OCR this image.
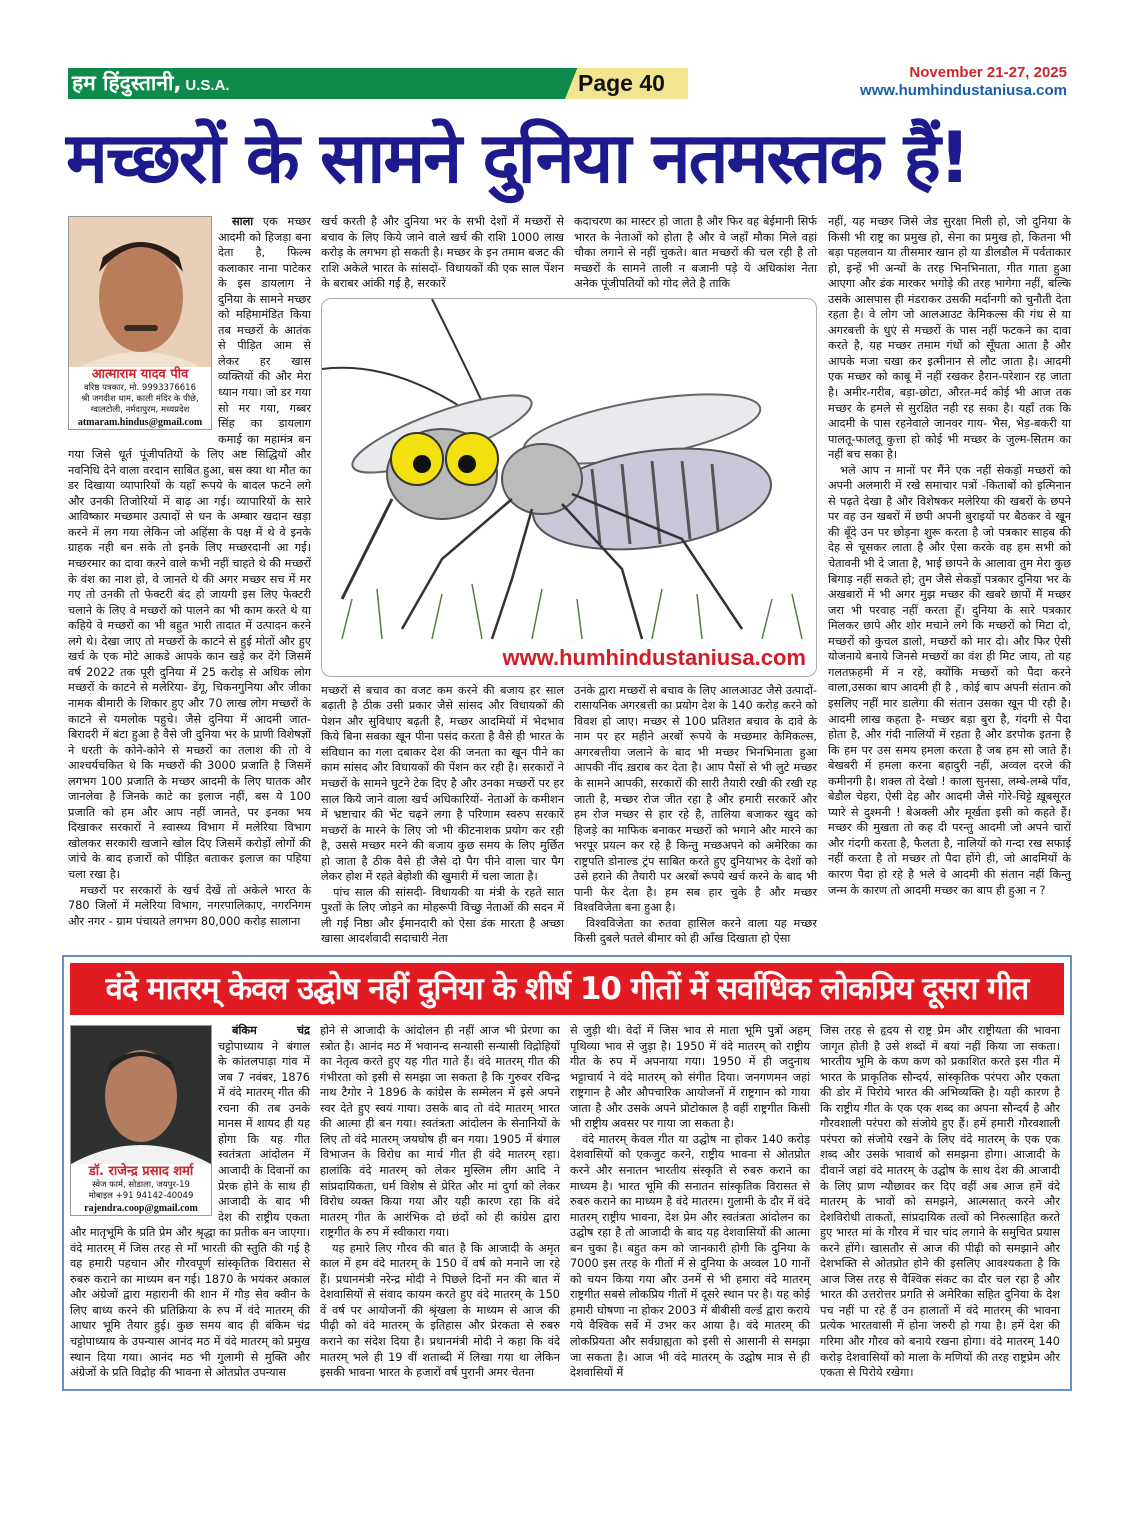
हम हिंदुस्तानी, U.S.A.	Page 40	November 21-27, 2025
www.humhindustaniusa.com
मच्छरों के सामने दुनिया नतमस्तक हैं!
आत्माराम यादव पीव
वरिष्ठ पत्रकार, मो. 9993376616
श्री जगदीश धाम, काली मंदिर के पीछे, ग्वालटोली, नर्मदापुरम, मध्यप्रदेश
atmaram.hindus@gmail.com

साला एक मच्छर आदमी को हिजड़ा बना देता है, फिल्म कलाकार नाना पाटेकर के इस डायलाग ने दुनिया के सामने मच्छर को महिमामंडित किया तब मच्छरों के आतंक से पीड़ित आम से लेकर हर खास व्यक्तियों की और मेरा ध्यान गया। जो डर गया सो मर गया, गब्बर सिंह का डायलाग कमाई का महामंत्र बन गया जिसे धूर्त पूंजीपतियों के लिए अष्ट सिद्धियों और नवनिधि देने वाला वरदान साबित हुआ, बस क्या था मौत का डर दिखाया व्यापारियों के यहाँ रूपये के बादल फटने लगे और उनकी तिजोरियों में बाढ़ आ गई। व्यापारियों के सारे आविष्कार मच्छमार उत्पादों से धन के अम्बार खदान खड़ा करने में लग गया लेकिन जो अहिंसा के पक्ष में थे वे इनके ग्राहक नही बन सके तो इनके लिए मच्छरदानी आ गई। मच्छरमार का दावा करने वाले कभी नहीं चाहते थे की मच्छरों के वंश का नाश हो, वे जानते थे की अगर मच्छर सच में मर गए तो उनकी तो फेक्टरी बंद हो जायगी इस लिए फेक्टरी चलाने के लिए वे मच्छरों को पालने का भी काम करते थे या कहिये वे मच्छरों का भी बहुत भारी तादात में उत्पादन करने लगे थे। देखा जाए तो मच्छरों के काटने से हुई मोतों और हुए खर्च के एक मोटे आकडे आपके कान खड़े कर देंगे जिसमें वर्ष 2022 तक पूरी दुनिया में 25 करोड़ से अधिक लोग मच्छरों के काटने से मलेरिया- डेंगू, चिकनगुनिया और जीका नामक बीमारी के शिकार हुए और 70 लाख लोग मच्छरों के काटने से यमलोक पहुचे। जैसे दुनिया में आदमी जात-बिरादरी में बंटा हुआ है वैसे जी दुनिया भर के प्राणी विशेषज्ञों ने धरती के कोने-कोने से मच्छरों का तलाश की तो वे आश्चर्यचकित थे कि मच्छरों की 3000 प्रजाति है जिसमें लगभग 100 प्रजाति के मच्छर आदमी के लिए घातक और जानलेवा है जिनके काटे का इलाज नहीं, बस ये 100 प्रजाति को हम और आप नहीं जानते, पर इनका भय दिखाकर सरकारों ने स्वास्थ्य विभाग में मलेरिया विभाग खोलकर सरकारी खजाने खोल दिए जिसमें करोड़ों लोगों की जांचे के बाद हजारों को पीड़ित बताकर इलाज का पहिया चला रखा है।

मच्छरों पर सरकारों के खर्च देखें तो अकेले भारत के 780 जिलों में मलेरिया विभाग, नगरपालिकाए, नगरनिगम और नगर - ग्राम पंचायते लगभग 80,000 करोड़ सालाना

खर्च करती है और दुनिया भर के सभी देशों में मच्छरों से बचाव के लिए किये जाने वाले खर्च की राशि 1000 लाख करोड़ के लगभग हो सकती है। मच्छर के इन तमाम बजट की राशि अकेले भारत के सांसदों- विधायकों की एक साल पेंशन के बराबर आंकी गई है, सरकारें

कदाचरण का मास्टर हो जाता है और फिर वह बेईमानी सिर्फ भारत के नेताओं को होता है और वे जहाँ मौका मिले वहां चौका लगाने से नहीं चुकते। बात मच्छरों की चल रही है तो मच्छरों के सामने ताली न बजानी पड़े ये अधिकांश नेता अनेक पूंजीपतियों को गोद लेते है ताकि

www.humhindustaniusa.com

मच्छरों से बचाव का वजट कम करने की बजाय हर साल बढ़ाती है ठीक उसी प्रकार जैसे सांसद और विधायकों की पेशन और सुविधाए बढ़ती है, मच्छर आदमियों में भेदभाव किये बिना सबका खून पीना पसंद करता है वैसे ही भारत के संविधान का गला दबाकर देश की जनता का खून पीने का काम सांसद और विधायकों की पेंशन कर रही है। सरकारों ने मच्छरों के सामने घुटने टेक दिए है और उनका मच्छरों पर हर साल किये जाने वाला खर्च अधिकारियों- नेताओं के कमीशन में भ्रष्टाचार की भेंट चढ़ने लगा है परिणाम स्वरुप सरकारें मच्छरों के मारने के लिए जो भी कीटनाशक प्रयोग कर रही है, उससे मच्छर मरने की बजाय कुछ समय के लिए मुर्छित हो जाता है ठीक वैसे ही जैसे दो पैग पीने वाला चार पैग लेकर होश में रहते बेहोशी की खुमारी में चला जाता है।

पांच साल की सांसदी- विधायकी या मंत्री के रहते सात पुश्तों के लिए जोड़ने का मोहरूपी विच्छु नेताओं की सदन में ली गई निष्ठा और ईमानदारी को ऐसा डंक मारता है अच्छा खासा आदर्शवादी सदाचारी नेता

उनके द्वारा मच्छरों से बचाव के लिए आलआउट जैसे उत्पादों- रासायनिक अगरबत्ती का प्रयोग देश के 140 करोड़ करने को विवश हो जाए। मच्छर से 100 प्रतिशत बचाव के दावे के नाम पर हर महीने अरबों रूपये के मच्छमार केमिकल्स, अगरबत्तीया जलाने के बाद भी मच्छर भिनभिनाता हुआ आपकी नींद ख़राब कर देता है। आप पैसों से भी लुटे मच्छर के सामने आपकी, सरकारों की सारी तैयारी रखी की रखी रह जाती है, मच्छर रोज जीत रहा है और हमारी सरकारें और हम रोज मच्छर से हार रहे है, तालिया बजाकर खुद को हिजड़े का माफिक बनाकर मच्छरों को भगाने और मारने का भरपूर प्रयत्न कर रहे है किन्तु मच्छअपने को अमेरिका का राष्ट्रपति डोनाल्ड ट्रंप साबित करते हुए दुनियाभर के देशों को उसे हराने की तैयारी पर अरबों रूपये खर्च करने के बाद भी पानी फेर देता है। हम सब हार चुके है और मच्छर विश्वविजेता बना हुआ है।

विश्वविजेता का रुतवा हासिल करने वाला यह मच्छर किसी दुबले पतले बीमार को ही आँख दिखाता हो ऐसा

नहीं, यह मच्छर जिसे जेड सुरक्षा मिली हो, जो दुनिया के किसी भी राष्ट्र का प्रमुख हो, सेना का प्रमुख हो, कितना भी बड़ा पहलवान या तीसमार खान हो या डीलडौल में पर्वताकार हो, इन्हें भी अन्यों के तरह भिनभिनाता, गीत गाता हुआ आएगा और डंक मारकर भगोड़े की तरह भागेगा नहीं, बल्कि उसके आसपास ही मंडराकर उसकी मर्दानगी को चुनौती देता रहता है। वे लोग जो आलआउट केमिकल्स की गंध से या अगरबत्ती के धुएं से मच्छरों के पास नहीं फटकने का दावा करते है, यह मच्छर तमाम गंधों को सूँघता आता है और आपके मजा चखा कर इत्मीनान से लौट जाता है। आदमी एक मच्छर को काबू में नहीं रखकर हैरान-परेशान रह जाता है। अमीर-गरीब, बड़ा-छोटा, औरत-मर्द कोई भी आज तक मच्छर के हमले से सुरक्षित नही रह सका है। यहाँ तक कि आदमी के पास रहनेवाले जानवर गाय- भैस, भेड़-बकरी या पालतू-फालतू कुत्ता हो कोई भी मच्छर के जुल्म-सितम का नहीं बच सका है।

भले आप न मानों पर मैंने एक नहीं सेकड़ों मच्छरों को अपनी अलमारी में रखे समाचार पत्रों -किताबों को इत्मिनान से पढ़ते देखा है और विशेषकर मलेरिया की खबरों के छपने पर वह उन खबरों में छपी अपनी बुराइयों पर बैठकर वे खून की बूँदे उन पर छोड़ना शुरू करता है जो पत्रकार साहब की देह से चूसकर लाता है और ऐसा करके वह हम सभी को चेतावनी भी दे जाता है, भाई छापने के आलावा तुम मेरा कुछ बिगाड़ नहीं सकते हो; तुम जैसे सेकड़ों पत्रकार दुनिया भर के अखबारों में भी अगर मुझ मच्छर की खबरे छापों मैं मच्छर जरा भी परवाह नहीं करता हूँ। दुनिया के सारे पत्रकार मिलकर छापे और शोर मचाने लगे कि मच्छरों को मिटा दो, मच्छरों को कुचल डालो, मच्छरों को मार दो। और फिर ऐसी योजनाये बनाये जिनसे मच्छरों का वंश ही मिट जाय, तो यह गलतफ़हमी में न रहे, क्योंकि मच्छरों को पैदा करने वाला,उसका बाप आदमी ही है , कोई बाप अपनी संतान को इसलिए नहीं मार डालेगा की संतान उसका खून पी रही है। आदमी लाख कहता है- मच्छर बड़ा बुरा है, गंदगी से पैदा होता है, और गंदी नालियों में रहता है और डरपोक इतना है कि हम पर उस समय हमला करता है जब हम सो जाते हैं। बेखबरी में हमला करना बहादुरी नहीं, अव्वल दरजे की कमीनगी है। शक्ल तो देखो ! काला सुनसा, लम्बे-लम्बे पाँव, बेडौल चेहरा, ऐसी देह और आदमी जैसे गोरे-चिट्टे ख़ूबसूरत प्यारे से दुश्मनी ! बेअक्ली और मूर्खता इसी को कहते हैं। मच्छर की मुखता तो कह दी परन्तु आदमी जो अपने चारों और गंदगी करता है, फैलता है, नालियों को गन्दा रख सफाई नहीं करता है तो मच्छर तो पैदा होंगे ही, जो आदमियों के कारण पैदा हो रहे है भले वे आदमी की संतान नहीं किन्तु जन्म के कारण तो आदमी मच्छर का बाप ही हुआ न ?

वंदे मातरम् केवल उद्घोष नहीं दुनिया के शीर्ष 10 गीतों में सर्वाधिक लोकप्रिय दूसरा गीत
डॉ. राजेन्द्र प्रसाद शर्मा
स्वेज फार्म, सोडाला, जयपुर-19
मोबाइल +91 94142-40049
rajendra.coop@gmail.com

बंकिम चंद्र चट्टोपाध्याय ने बंगाल के कांतलपाड़ा गांव में जब 7 नवंबर, 1876 में वंदे मातरम् गीत की रचना की तब उनके मानस में शायद ही यह होगा कि यह गीत स्वतंत्रता आंदोलन में आजादी के दिवानों का प्रेरक होने के साथ ही आजादी के बाद भी देश की राष्ट्रीय एकता और मातृभूमि के प्रति प्रेम और श्रृद्धा का प्रतीक बन जाएगा। वंदे मातरम् में जिस तरह से माँ भारती की स्तुति की गई है वह हमारी पहचान और गौरवपूर्ण सांस्कृतिक विरासत से रुबरु कराने का माध्यम बन गई। 1870 के भयंकर अकाल और अंग्रेजों द्वारा महारानी की शान में गौड़ सेव क्वीन के लिए बाध्य करने की प्रतिक्रिया के रुप में वंदे मातरम् की आधार भूमि तैयार हुई। कुछ समय बाद ही बंकिम चंद्र चट्टोपाध्याय के उपन्यास आनंद मठ में वंदे मातरम् को प्रमुख स्थान दिया गया। आनंद मठ भी गुलामी से मुक्ति और अंग्रेजों के प्रति विद्रोह की भावना से ओतप्रोत उपन्यास

होने से आजादी के आंदोलन ही नहीं आज भी प्रेरणा का स्त्रोत है। आनंद मठ में भवानन्द सन्यासी सन्यासी विद्रोहियों का नेतृत्व करते हुए यह गीत गाते हैं। वंदे मातरम् गीत की गंभीरता को इसी से समझा जा सकता है कि गुरुवर रविन्द्र नाथ टैगोर ने 1896 के कांग्रेस के सम्मेलन में इसे अपने स्वर देते हुए स्वयं गाया। उसके बाद तो वंदे मातरम् भारत की आत्मा ही बन गया। स्वतंत्रता आंदोलन के सेनानियों के लिए तो वंदे मातरम् जयघोष ही बन गया। 1905 में बंगाल विभाजन के विरोध का मार्च गीत ही वंदे मातरम् रहा। हालांकि वंदे मातरम् को लेकर मुस्लिम लीग आदि ने सांप्रदायिकता, धर्म विशेष से प्रेरित और मां दुर्गा को लेकर विरोध व्यक्त किया गया और यही कारण रहा कि वंदे मातरम् गीत के आरंभिक दो छंदों को ही कांग्रेस द्वारा राष्ट्रगीत के रुप में स्वीकारा गया।

यह हमारे लिए गौरव की बात है कि आजादी के अमृत काल में हम वंदे मातरम् के 150 वें वर्ष को मनाने जा रहे हैं। प्रधानमंत्री नरेन्द्र मोदी ने पिछले दिनों मन की बात में देशवासियों से संवाद कायम करते हुए वंदे मातरम् के 150 वें वर्ष पर आयोजनों की श्रृंखला के माध्यम से आज की पीढ़ी को वंदे मातरम् के इतिहास और प्रेरकता से रुबरु कराने का संदेश दिया है। प्रधानमंत्री मोदी ने कहा कि वंदे मातरम् भले ही 19 वीं शताब्दी में लिखा गया था लेकिन इसकी भावना भारत के हजारों वर्ष पुरानी अमर चेतना

से जुड़ी थी। वेदों में जिस भाव से माता भूमि पुत्रों अहम् पृथिव्या भाव से जुड़ा है। 1950 में वंदे मातरम् को राष्ट्रीय गीत के रुप में अपनाया गया। 1950 में ही जदुनाथ भट्टाचार्य ने वंदे मातरम् को संगीत दिया। जनगणमन जहां राष्ट्रगान है और औपचारिक आयोजनों में राष्ट्रगान को गाया जाता है और उसके अपने प्रोटोकाल है वहीं राष्ट्रगीत किसी भी राष्ट्रीय अवसर पर गाया जा सकता है।

वंदे मातरम् केवल गीत या उद्घोष ना होकर 140 करोड़ देशवासियों को एकजुट करने, राष्ट्रीय भावना से ओतप्रोत करने और सनातन भारतीय संस्कृति से रुबरु कराने का माध्यम है। भारत भूमि की सनातन सांस्कृतिक विरासत से रुबरु कराने का माध्यम है वंदे मातरम। गुलामी के दौर में वंदे मातरम् राष्ट्रीय भावना, देश प्रेम और स्वतंत्रता आंदोलन का उद्घोष रहा है तो आजादी के बाद यह देशवासियों की आत्मा बन चुका है। बहुत कम को जानकारी होगी कि दुनिया के 7000 इस तरह के गीतों में से दुनिया के अव्वल 10 गानों को चयन किया गया और उनमें से भी हमारा वंदे मातरम् राष्ट्रगीत सबसे लोकप्रिय गीतों में दूसरे स्थान पर है। यह कोई हमारी घोषणा ना होकर 2003 में बीबीसी वर्ल्ड द्वारा कराये गये वैश्विक सर्वे में उभर कर आया है। वंदे मातरम् की लोकप्रियता और सर्वग्राह्यता को इसी से आसानी से समझा जा सकता है। आज भी वंदे मातरम् के उद्घोष मात्र से ही देशवासियों में

जिस तरह से हृदय से राष्ट्र प्रेम और राष्ट्रीयता की भावना जागृत होती है उसे शब्दों में बयां नहीं किया जा सकता। भारतीय भूमि के कण कण को प्रकाशित करते इस गीत में भारत के प्राकृतिक सौन्दर्य, सांस्कृतिक परंपरा और एकता की डोर में पिरोये भारत की अभिव्यक्ति है। यही कारण है कि राष्ट्रीय गीत के एक एक शब्द का अपना सौन्दर्य है और गौरवशाली परंपरा को संजोये हुए हैं। हमें हमारी गौरवशाली परंपरा को संजोये रखने के लिए वंदे मातरम् के एक एक शब्द और उसके भावार्थ को समझना होगा। आजादी के दीवानें जहां वंदे मातरम् के उद्घोष के साथ देश की आजादी के लिए प्राण न्यौछावर कर दिए वहीं अब आज हमें वंदे मातरम् के भावों को समझने, आत्मसात् करने और देशविरोधी ताकतों, सांप्रदायिक तत्वों को निरुत्साहित करते हुए भारत मां के गौरव में चार चांद लगाने के समुचित प्रयास करने होंगे। खासतौर से आज की पीढ़ी को समझाने और देशभक्ति से ओतप्रोत होने की इसलिए आवश्यकता है कि आज जिस तरह से वैश्विक संकट का दौर चल रहा है और भारत की उत्तरोत्तर प्रगति से अमेरिका सहित दुनिया के देश पच नहीं पा रहे हैं उन हालातों में वंदे मातरम् की भावना प्रत्येक भारतवासी में होना जरुरी हो गया है। हमें देश की गरिमा और गौरव को बनाये रखना होगा। वंदे मातरम् 140 करोड़ देशवासियों को माला के मणियों की तरह राष्ट्रप्रेम और एकता से पिरोये रखेगा।
